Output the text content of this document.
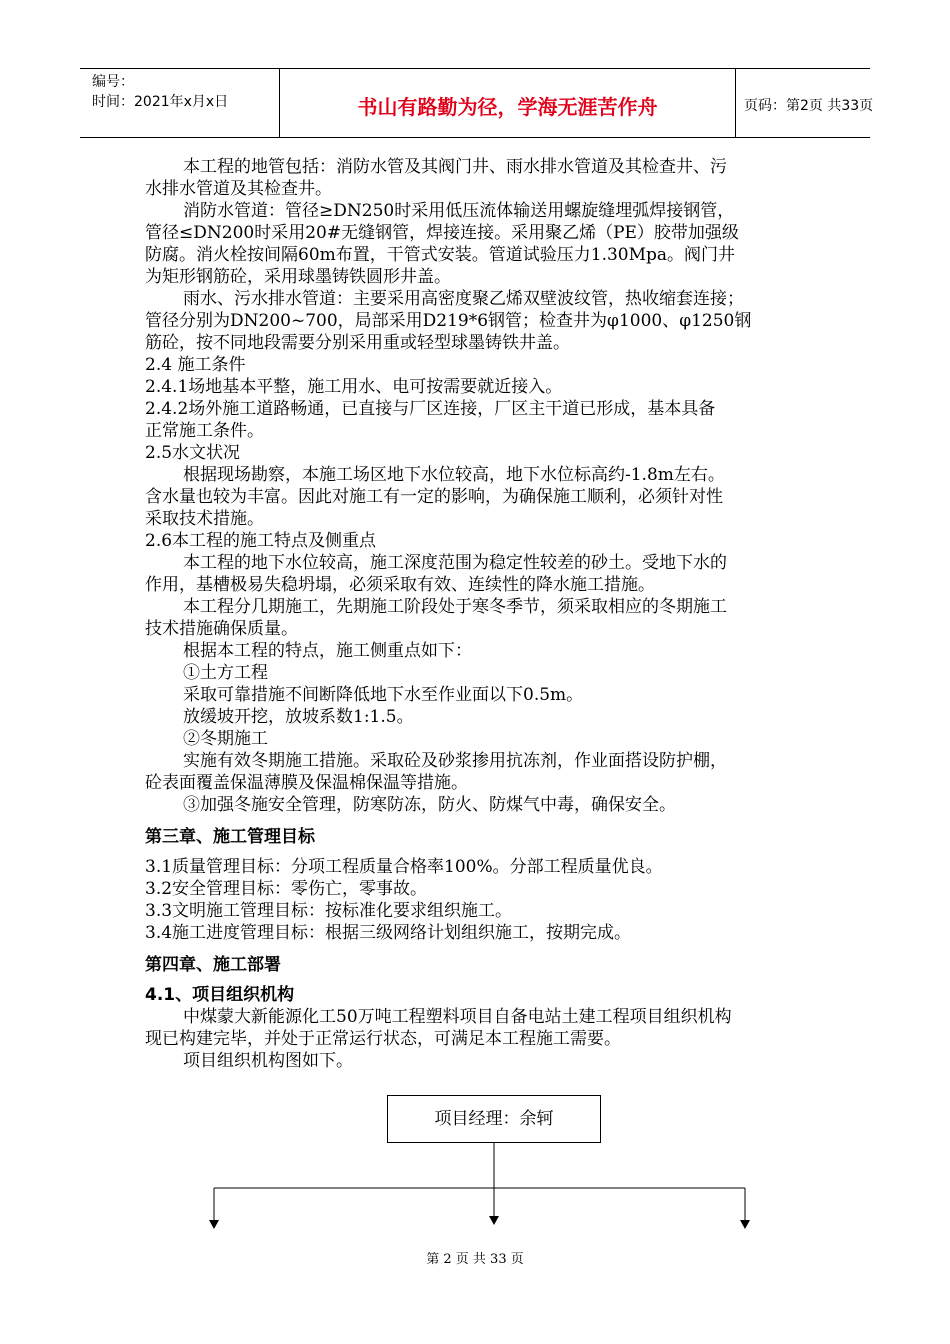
编号：
时间：2021年x月x日	书山有路勤为径，学海无涯苦作舟	页码：第2页 共33页

本工程的地管包括：消防水管及其阀门井、雨水排水管道及其检查井、污

水排水管道及其检查井。

消防水管道：管径≥DN250时采用低压流体输送用螺旋缝埋弧焊接钢管，

管径≤DN200时采用20#无缝钢管，焊接连接。采用聚乙烯（PE）胶带加强级

防腐。消火栓按间隔60m布置，干管式安装。管道试验压力1.30Mpa。阀门井

为矩形钢筋砼，采用球墨铸铁圆形井盖。

雨水、污水排水管道：主要采用高密度聚乙烯双壁波纹管，热收缩套连接；

管径分别为DN200~700，局部采用D219*6钢管；检查井为φ1000、φ1250钢

筋砼，按不同地段需要分别采用重或轻型球墨铸铁井盖。

2.4 施工条件

2.4.1场地基本平整，施工用水、电可按需要就近接入。

2.4.2场外施工道路畅通，已直接与厂区连接，厂区主干道已形成，基本具备

正常施工条件。

2.5水文状况

根据现场勘察，本施工场区地下水位较高，地下水位标高约-1.8m左右。

含水量也较为丰富。因此对施工有一定的影响，为确保施工顺利，必须针对性

采取技术措施。

2.6本工程的施工特点及侧重点

本工程的地下水位较高，施工深度范围为稳定性较差的砂土。受地下水的

作用，基槽极易失稳坍塌，必须采取有效、连续性的降水施工措施。

本工程分几期施工，先期施工阶段处于寒冬季节，须采取相应的冬期施工

技术措施确保质量。

根据本工程的特点，施工侧重点如下：

①土方工程

采取可靠措施不间断降低地下水至作业面以下0.5m。

放缓坡开挖，放坡系数1:1.5。

②冬期施工

实施有效冬期施工措施。采取砼及砂浆掺用抗冻剂，作业面搭设防护棚，

砼表面覆盖保温薄膜及保温棉保温等措施。

③加强冬施安全管理，防寒防冻，防火、防煤气中毒，确保安全。

第三章、施工管理目标

3.1质量管理目标：分项工程质量合格率100%。分部工程质量优良。

3.2安全管理目标：零伤亡，零事故。

3.3文明施工管理目标：按标准化要求组织施工。

3.4施工进度管理目标：根据三级网络计划组织施工，按期完成。

第四章、施工部署

4.1、项目组织机构

中煤蒙大新能源化工50万吨工程塑料项目自备电站土建工程项目组织机构

现已构建完毕，并处于正常运行状态，可满足本工程施工需要。

项目组织机构图如下。

项目经理：余轲
第 2 页 共 33 页
